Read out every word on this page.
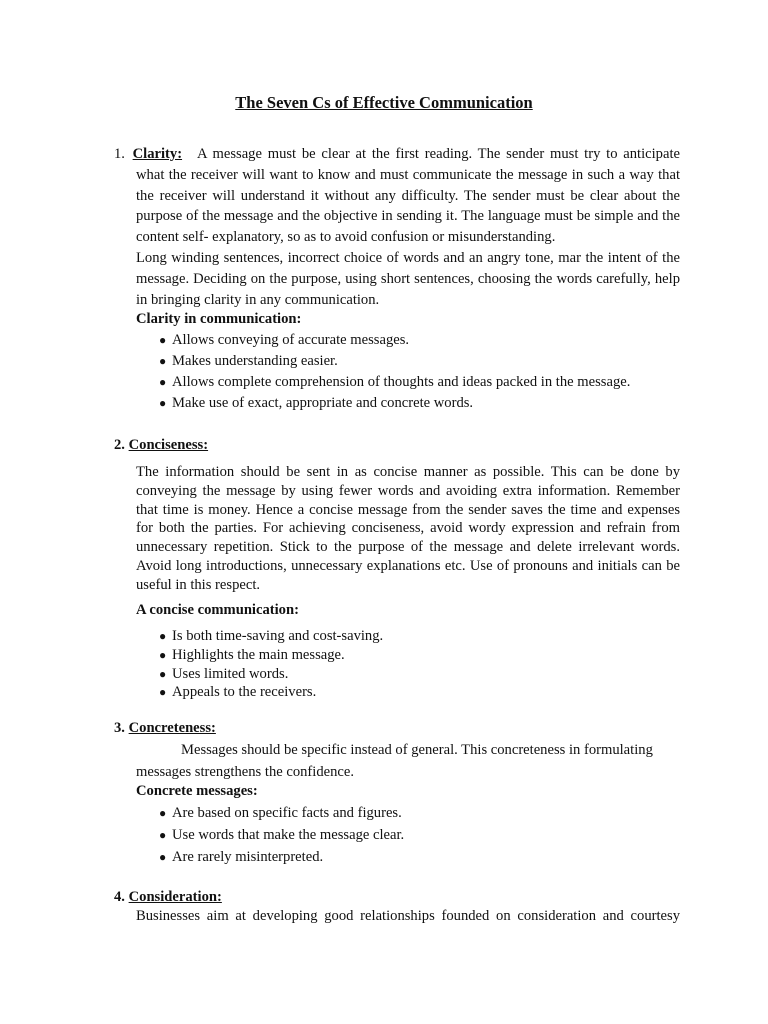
The Seven Cs of Effective Communication
1. Clarity:	A message must be clear at the first reading. The sender must try to anticipate what the receiver will want to know and must communicate the message in such a way that the receiver will understand it without any difficulty. The sender must be clear about the purpose of the message and the objective in sending it. The language must be simple and the content self- explanatory, so as to avoid confusion or misunderstanding.

Long winding sentences, incorrect choice of words and an angry tone, mar the intent of the message. Deciding on the purpose, using short sentences, choosing the words carefully, help in bringing clarity in any communication.

Clarity in communication:
● Allows conveying of accurate messages.
● Makes understanding easier.
● Allows complete comprehension of thoughts and ideas packed in the message.
● Make use of exact, appropriate and concrete words.
2. Conciseness:
The information should be sent in as concise manner as possible. This can be done by conveying the message by using fewer words and avoiding extra information. Remember that time is money. Hence a concise message from the sender saves the time and expenses for both the parties. For achieving conciseness, avoid wordy expression and refrain from unnecessary repetition. Stick to the purpose of the message and delete irrelevant words. Avoid long introductions, unnecessary explanations etc. Use of pronouns and initials can be useful in this respect.
A concise communication:
● Is both time-saving and cost-saving.
● Highlights the main message.
● Uses limited words.
● Appeals to the receivers.
3. Concreteness:
Messages should be specific instead of general. This concreteness in formulating
messages strengthens the confidence.
Concrete messages:
● Are based on specific facts and figures.
● Use words that make the message clear.
● Are rarely misinterpreted.
4. Consideration:
Businesses aim at developing good relationships founded on consideration and courtesy
